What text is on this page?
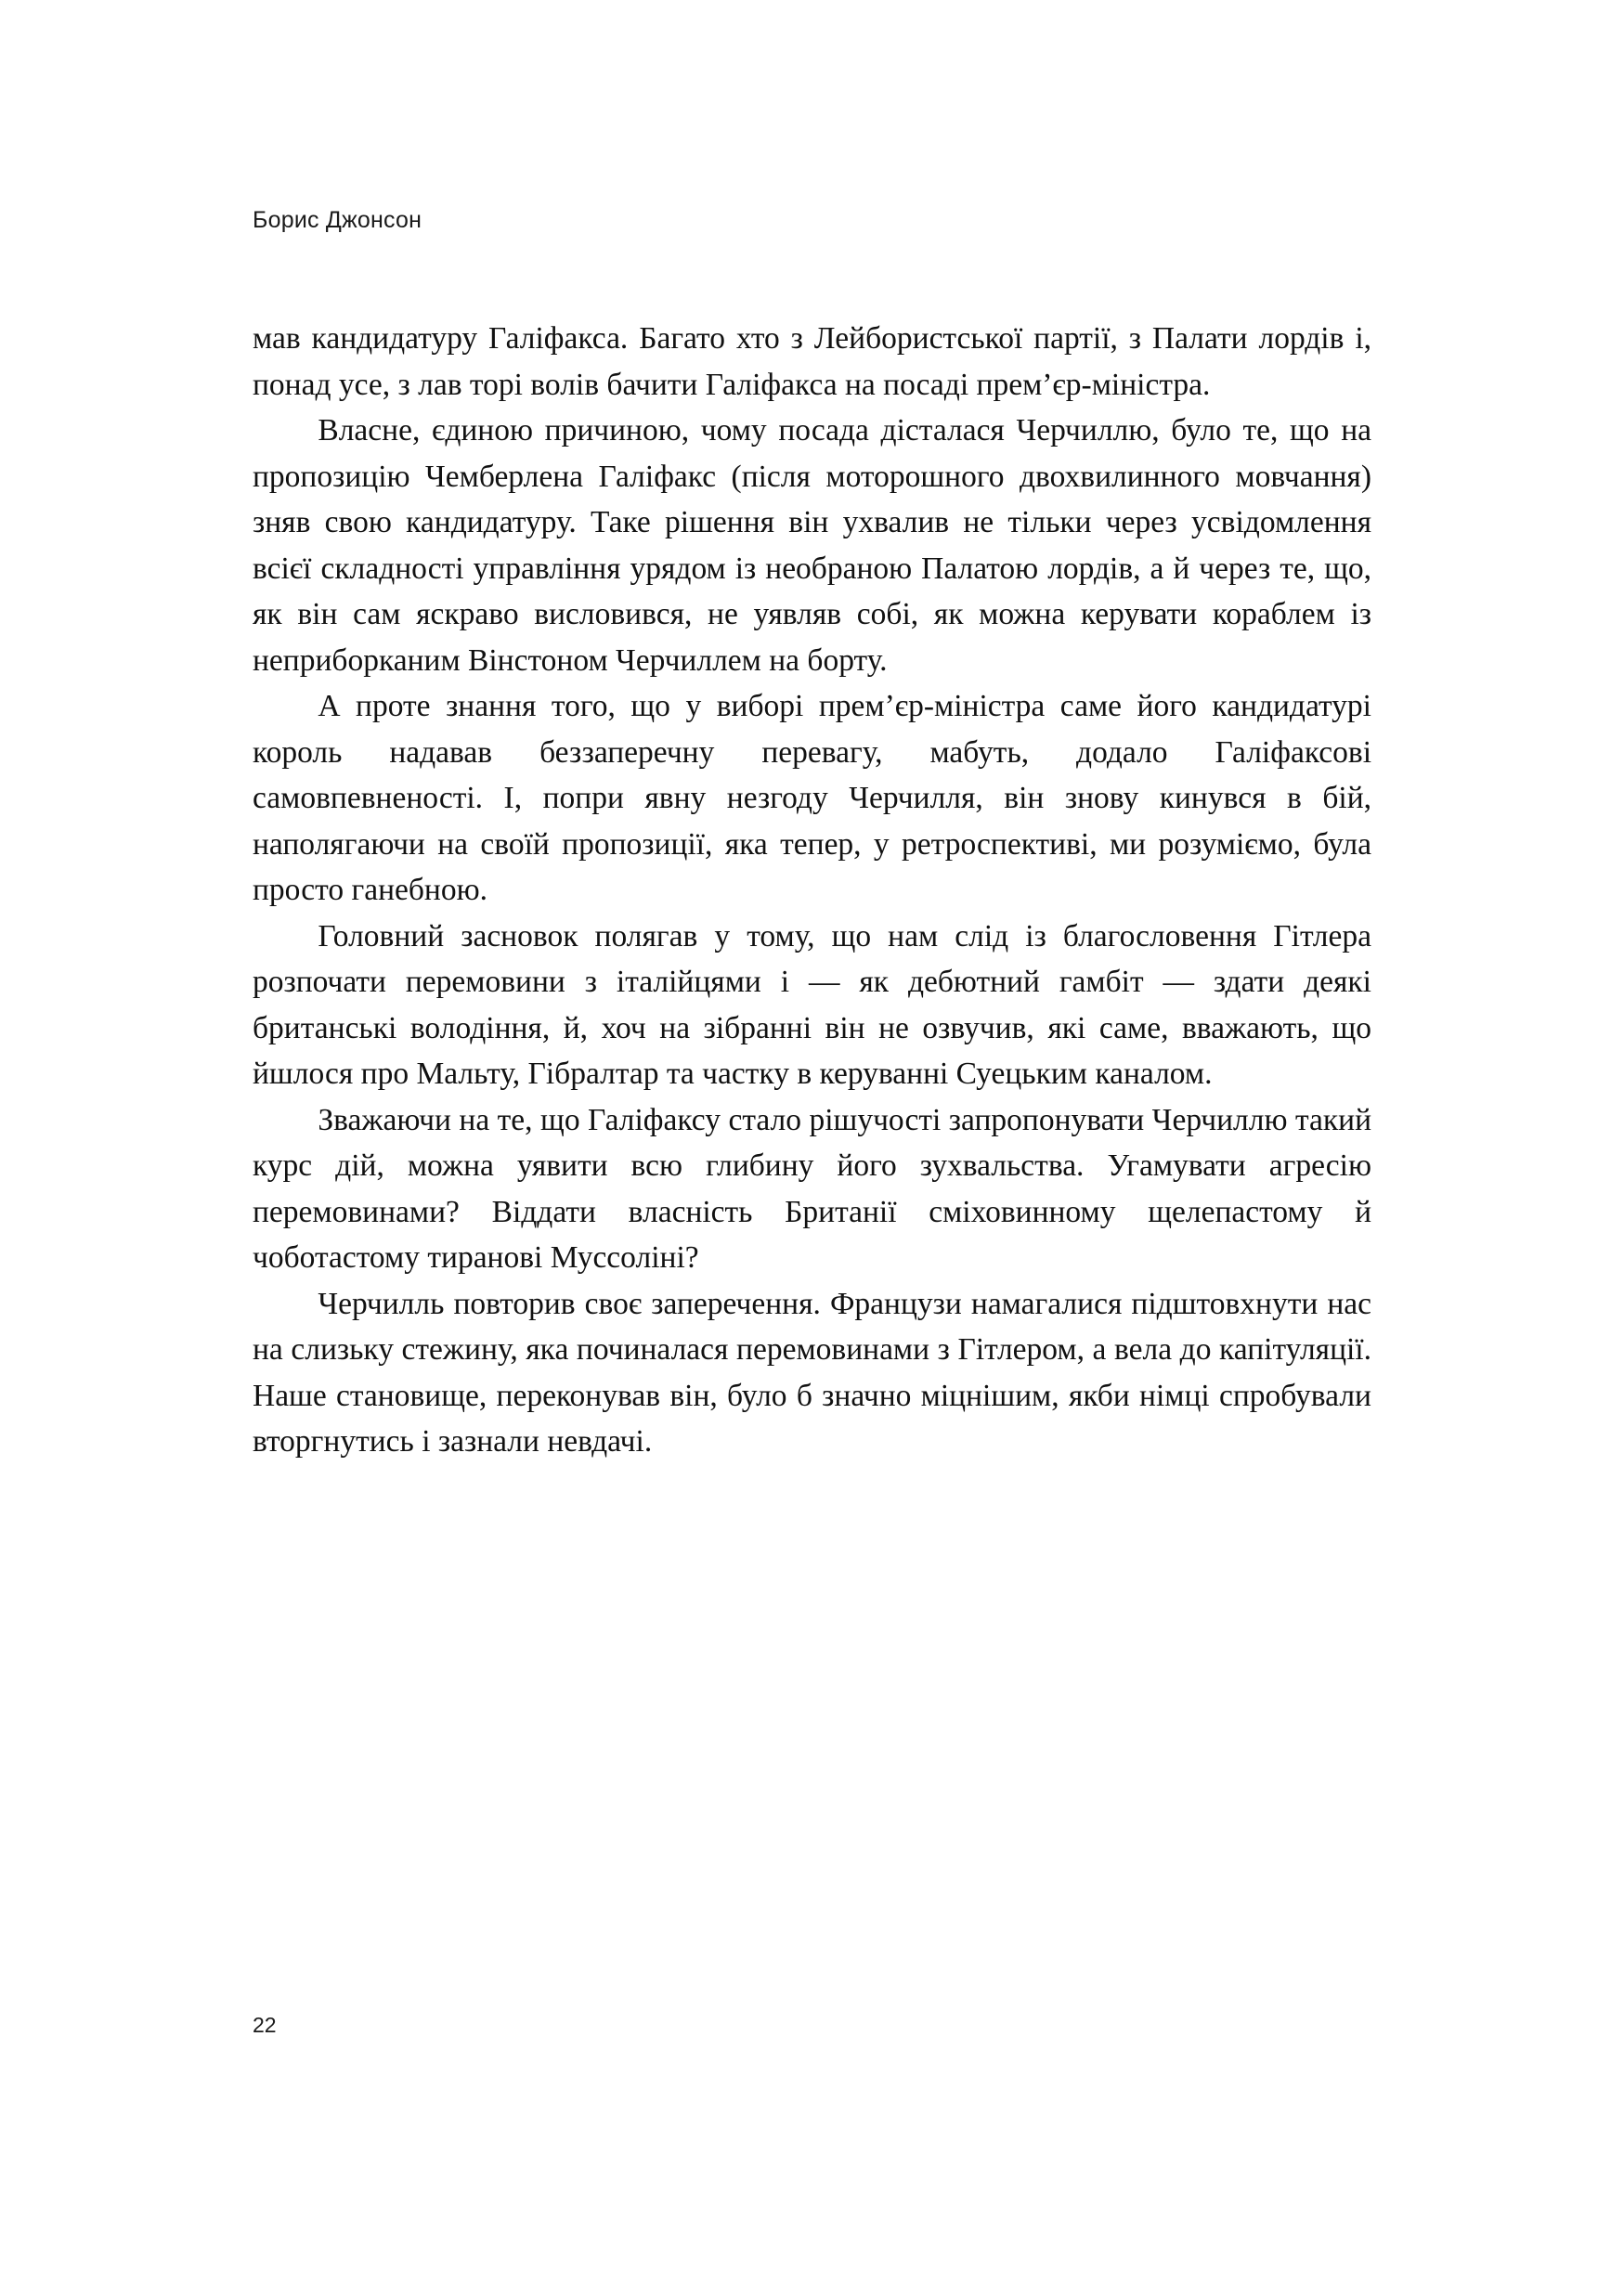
Борис Джонсон

мав кандидатуру Галіфакса. Багато хто з Лейбористської партії, з Палати лордів і, понад усе, з лав торі волів бачити Галіфакса на посаді прем’єр-міністра.

Власне, єдиною причиною, чому посада дісталася Черчиллю, було те, що на пропозицію Чемберлена Галіфакс (після моторошного двохвилинного мовчання) зняв свою кандидатуру. Таке рішення він ухвалив не тільки через усвідомлення всієї складності управління урядом із необраною Палатою лордів, а й через те, що, як він сам яскраво висловився, не уявляв собі, як можна керувати кораблем із неприборканим Вінстоном Черчиллем на борту.

А проте знання того, що у виборі прем’єр-міністра саме його кандидатурі король надавав беззаперечну перевагу, мабуть, додало Галіфаксові самовпевненості. І, попри явну незгоду Черчилля, він знову кинувся в бій, наполягаючи на своїй пропозиції, яка тепер, у ретроспективі, ми розуміємо, була просто ганебною.

Головний засновок полягав у тому, що нам слід із благословення Гітлера розпочати перемовини з італійцями і — як дебютний гамбіт — здати деякі британські володіння, й, хоч на зібранні він не озвучив, які саме, вважають, що йшлося про Мальту, Гібралтар та частку в керуванні Суецьким каналом.

Зважаючи на те, що Галіфаксу стало рішучості запропонувати Черчиллю такий курс дій, можна уявити всю глибину його зухвальства. Угамувати агресію перемовинами? Віддати власність Британії сміховинному щелепастому й чоботастому тиранові Муссоліні?

Черчилль повторив своє заперечення. Французи намагалися підштовхнути нас на слизьку стежину, яка починалася перемовинами з Гітлером, а вела до капітуляції. Наше становище, переконував він, було б значно міцнішим, якби німці спробували вторгнутись і зазнали невдачі.

22
